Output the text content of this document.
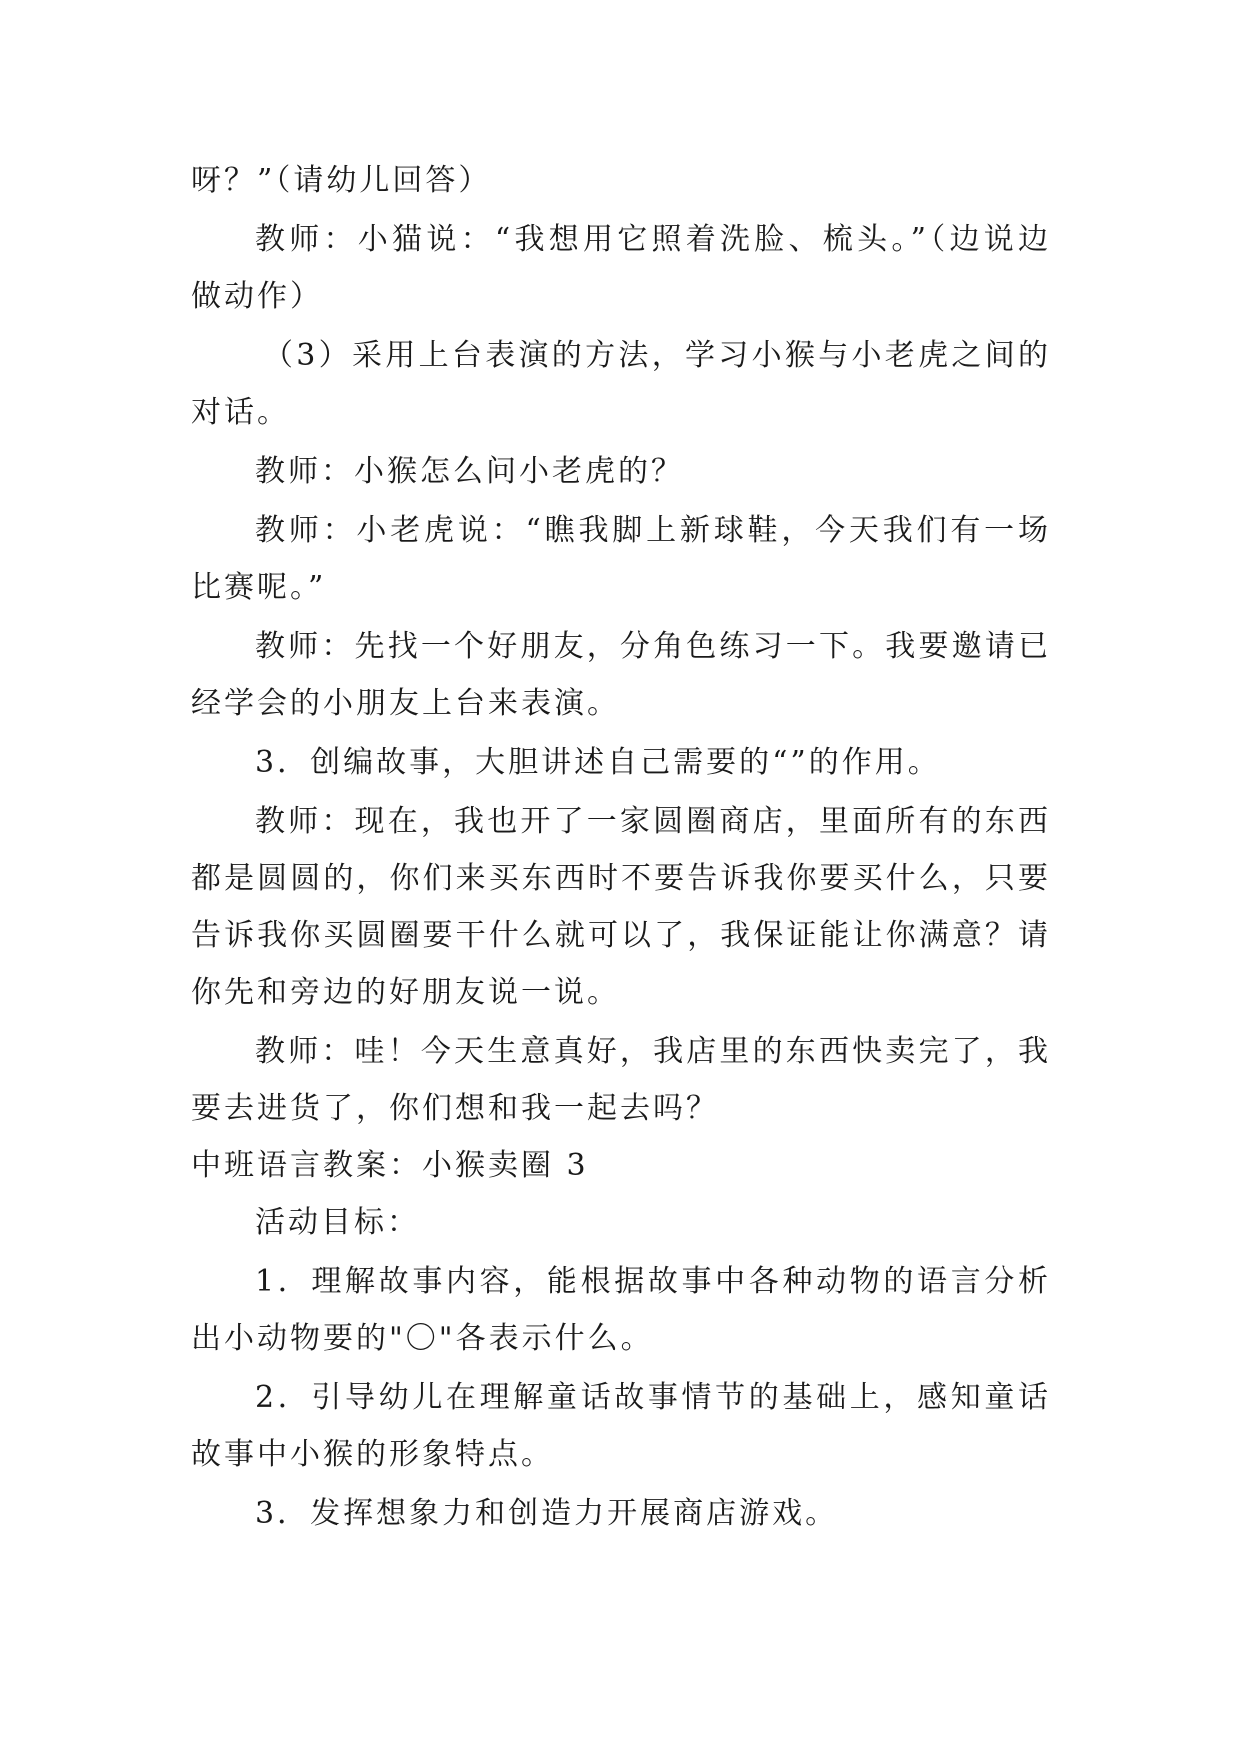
呀？”（请幼儿回答）

教师：小猫说：“我想用它照着洗脸、梳头。”（边说边做动作）

（3）采用上台表演的方法，学习小猴与小老虎之间的对话。

教师：小猴怎么问小老虎的？

教师：小老虎说：“瞧我脚上新球鞋，今天我们有一场比赛呢。”

教师：先找一个好朋友，分角色练习一下。我要邀请已经学会的小朋友上台来表演。

3．创编故事，大胆讲述自己需要的“”的作用。

教师：现在，我也开了一家圆圈商店，里面所有的东西都是圆圆的，你们来买东西时不要告诉我你要买什么，只要告诉我你买圆圈要干什么就可以了，我保证能让你满意？请你先和旁边的好朋友说一说。

教师：哇！今天生意真好，我店里的东西快卖完了，我要去进货了，你们想和我一起去吗？

中班语言教案：小猴卖圈 3

活动目标：

1．理解故事内容，能根据故事中各种动物的语言分析出小动物要的"〇"各表示什么。

2．引导幼儿在理解童话故事情节的基础上，感知童话故事中小猴的形象特点。

3．发挥想象力和创造力开展商店游戏。
